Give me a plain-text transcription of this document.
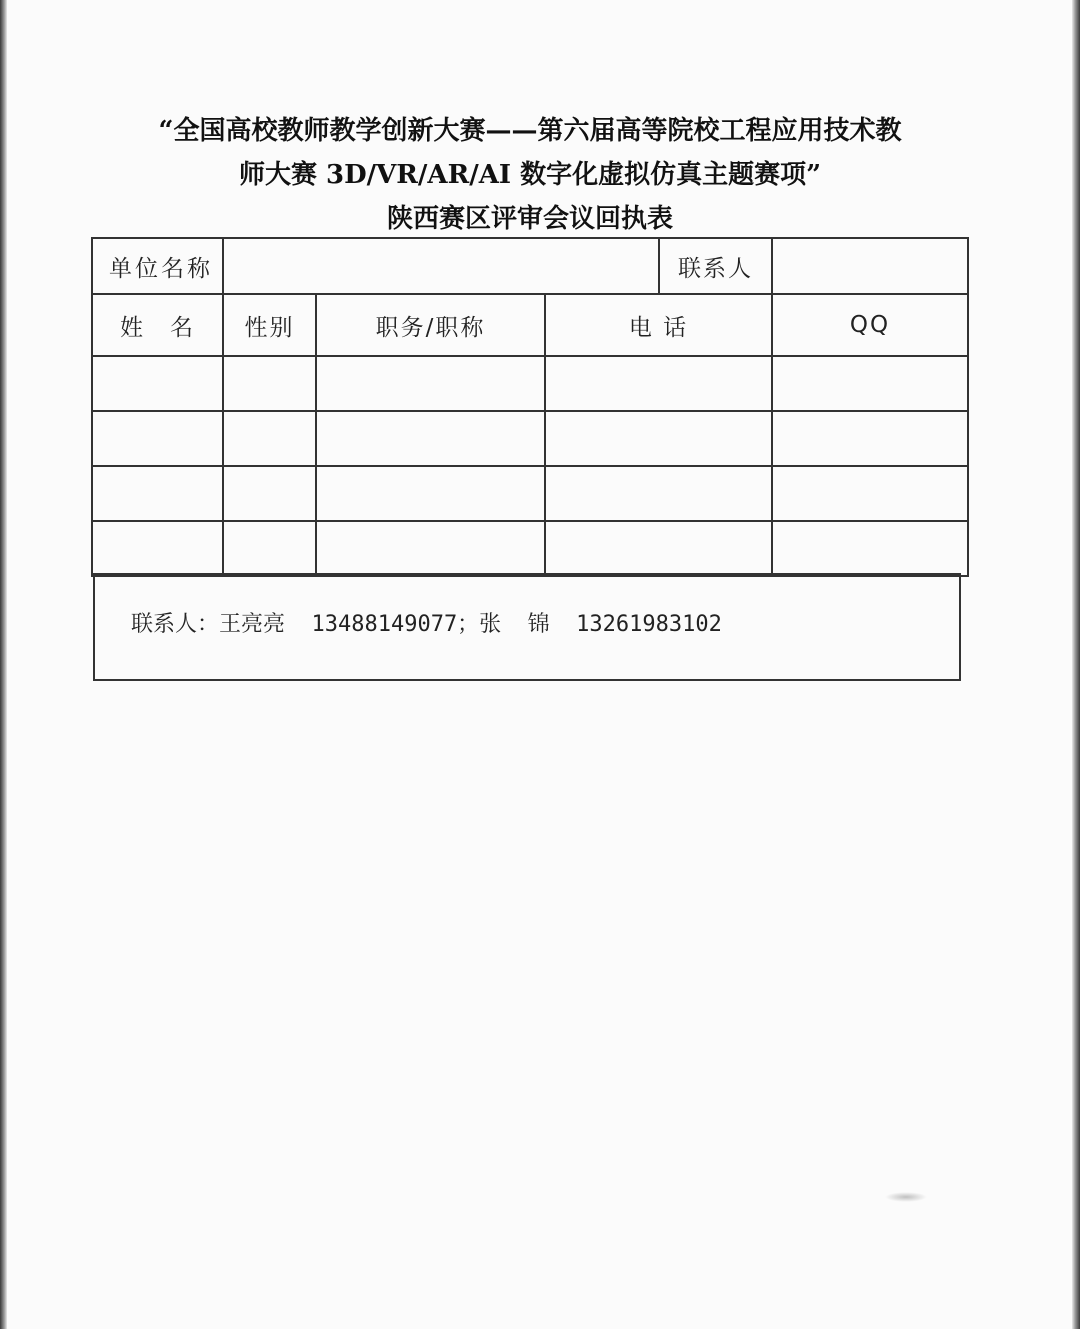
“全国高校教师教学创新大赛——第六届高等院校工程应用技术教
师大赛 3D/VR/AR/AI 数字化虚拟仿真主题赛项”
陕西赛区评审会议回执表
单位名称				联系人	
姓　名	性别	职务/职称	电 话		QQ

联系人：王亮亮  13488149077；张  锦  13261983102
